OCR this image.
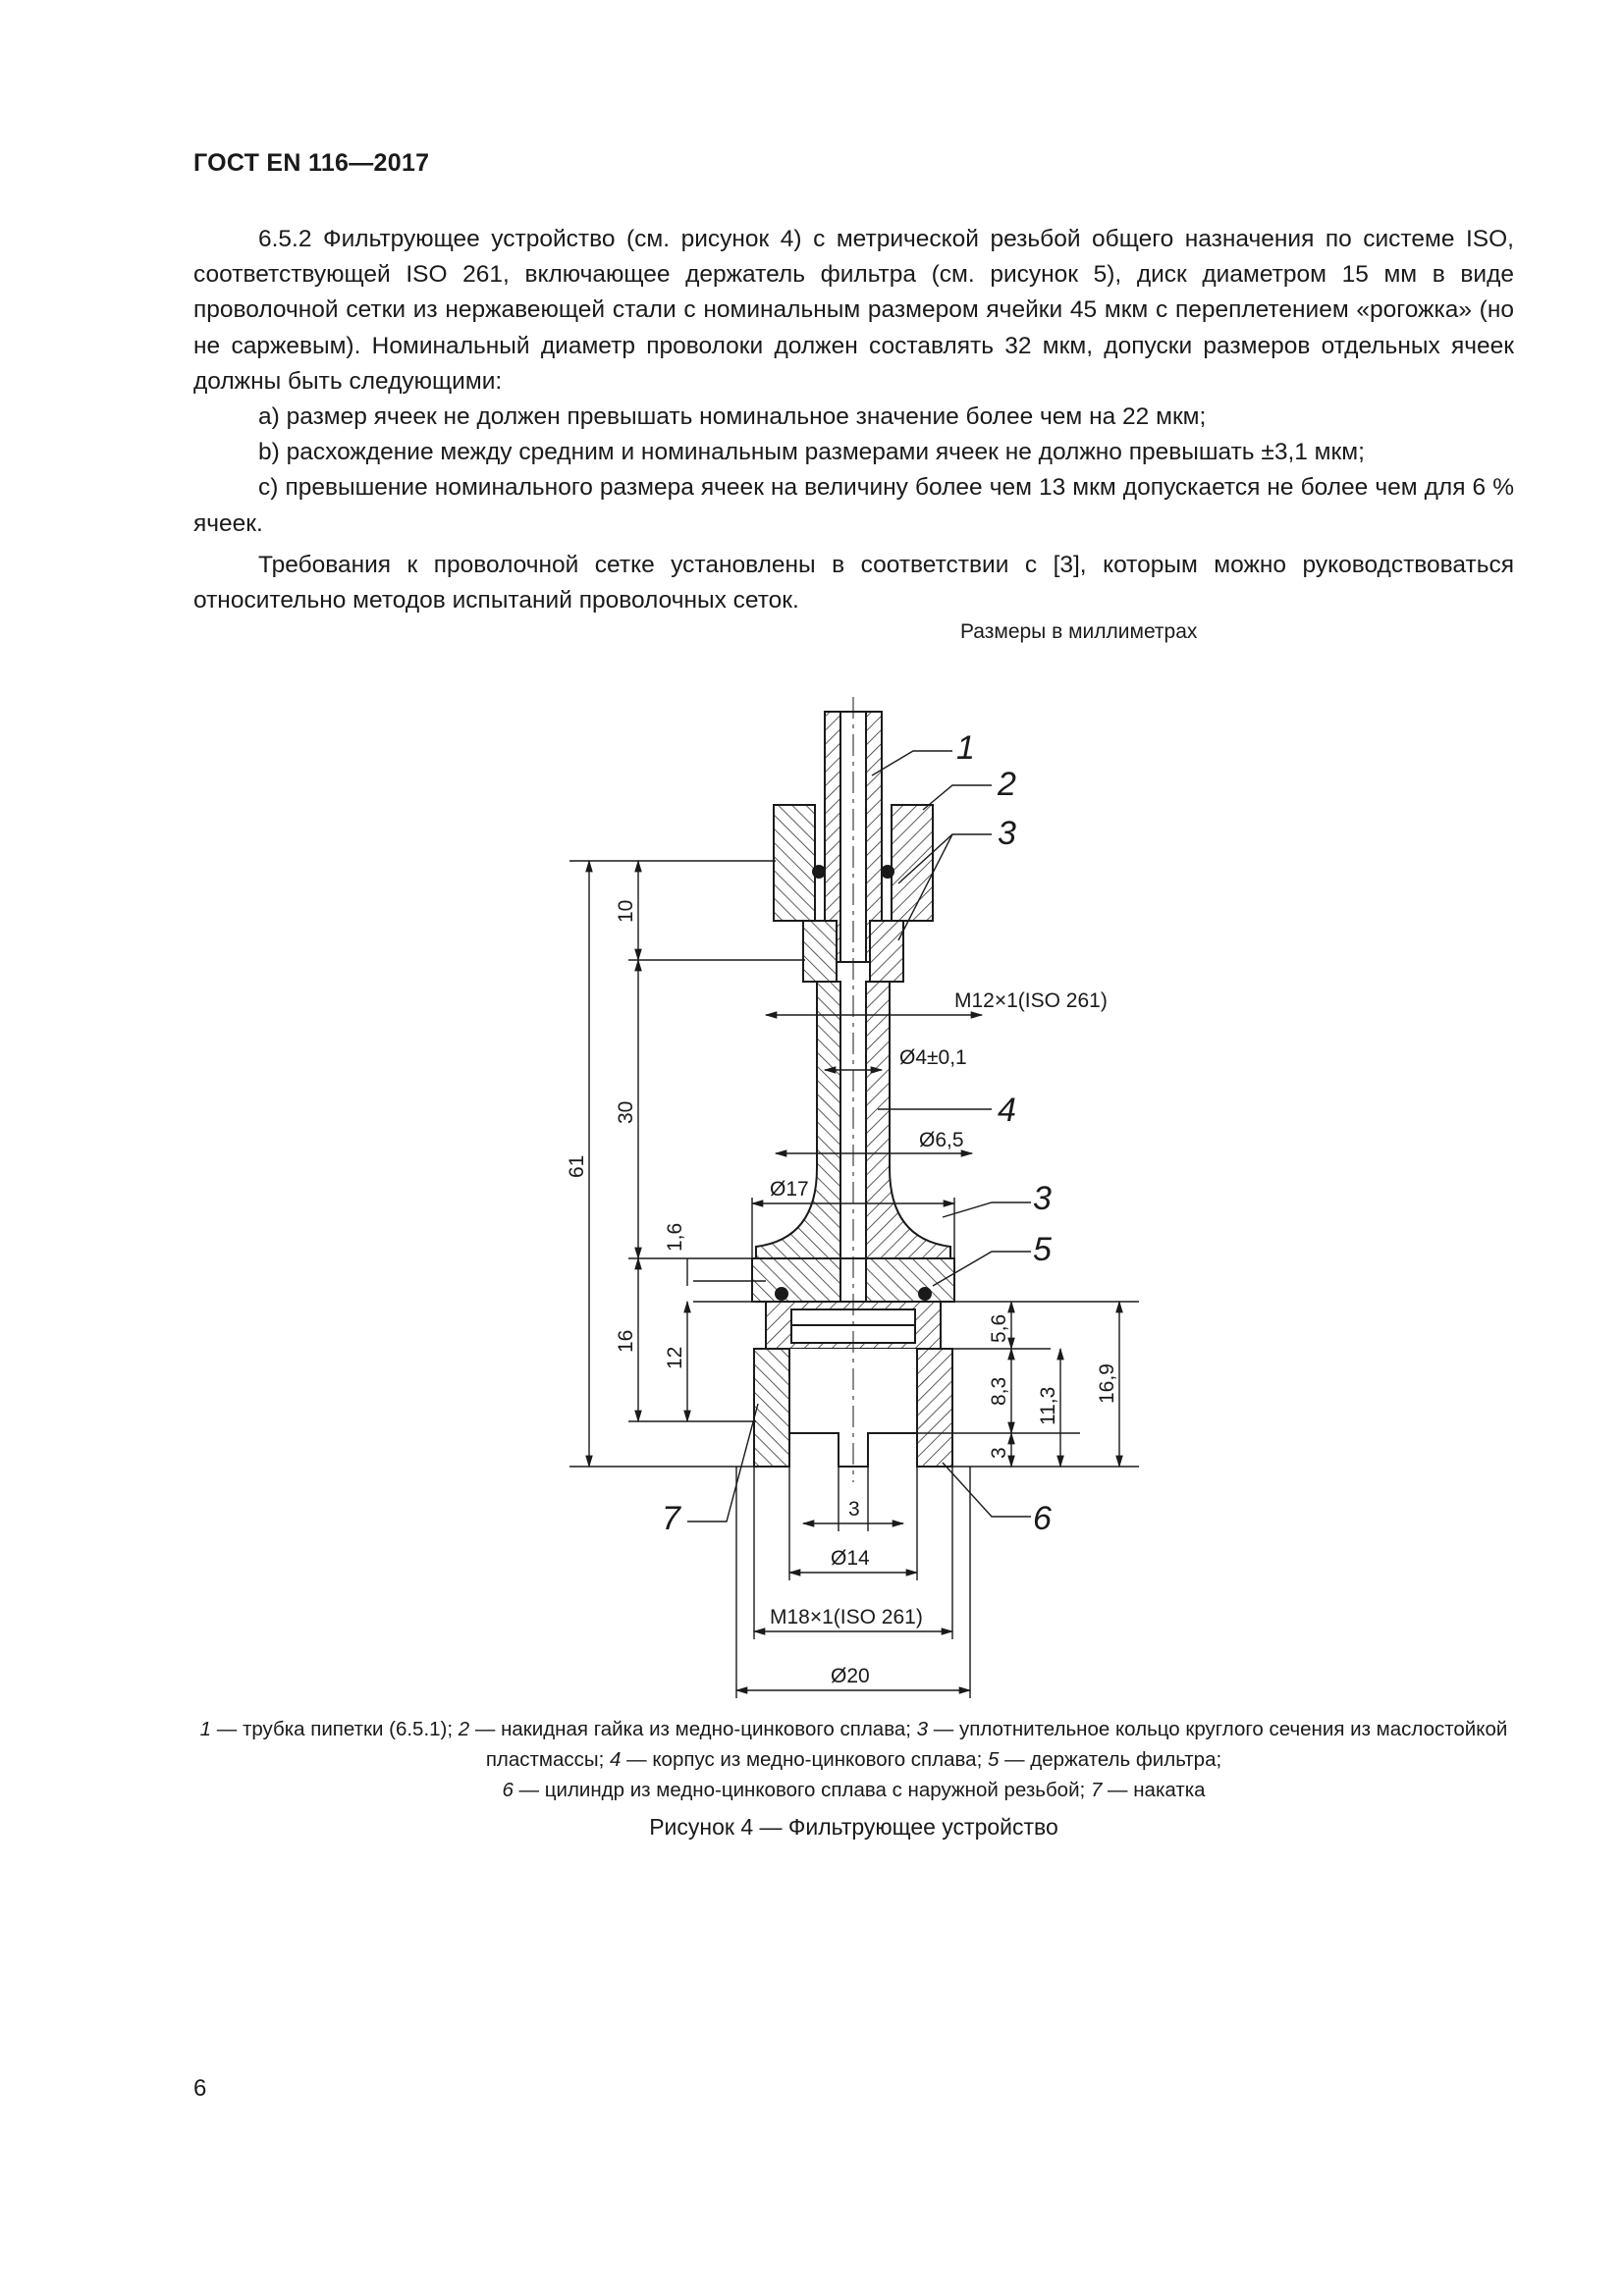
ГОСТ EN 116—2017

6.5.2 Фильтрующее устройство (см. рисунок 4) с метрической резьбой общего назначения по системе ISO, соответствующей ISO 261, включающее держатель фильтра (см. рисунок 5), диск диаметром 15 мм в виде проволочной сетки из нержавеющей стали с номинальным размером ячейки 45 мкм с переплетением «рогожка» (но не саржевым). Номинальный диаметр проволоки должен составлять 32 мкм, допуски размеров отдельных ячеек должны быть следующими:

a) размер ячеек не должен превышать номинальное значение более чем на 22 мкм;

b) расхождение между средним и номинальным размерами ячеек не должно превышать ±3,1 мкм;

c) превышение номинального размера ячеек на величину более чем 13 мкм допускается не более чем для 6 % ячеек.

Требования к проволочной сетке установлены в соответствии с [3], которым можно руководствоваться относительно методов испытаний проволочных сеток.

Размеры в миллиметрах
1
2
3
4
3
5
6
7
61
10
30
16
1,6
12
M12×1(ISO 261)
Ø4±0,1
Ø6,5
Ø17
5,6
8,3
3
11,3
16,9
3
Ø14
M18×1(ISO 261)
Ø20
1 — трубка пипетки (6.5.1); 2 — накидная гайка из медно-цинкового сплава; 3 — уплотнительное кольцо круглого сечения из маслостойкой пластмассы; 4 — корпус из медно-цинкового сплава; 5 — держатель фильтра;
6 — цилиндр из медно-цинкового сплава с наружной резьбой; 7 — накатка
Рисунок 4 — Фильтрующее устройство
6
